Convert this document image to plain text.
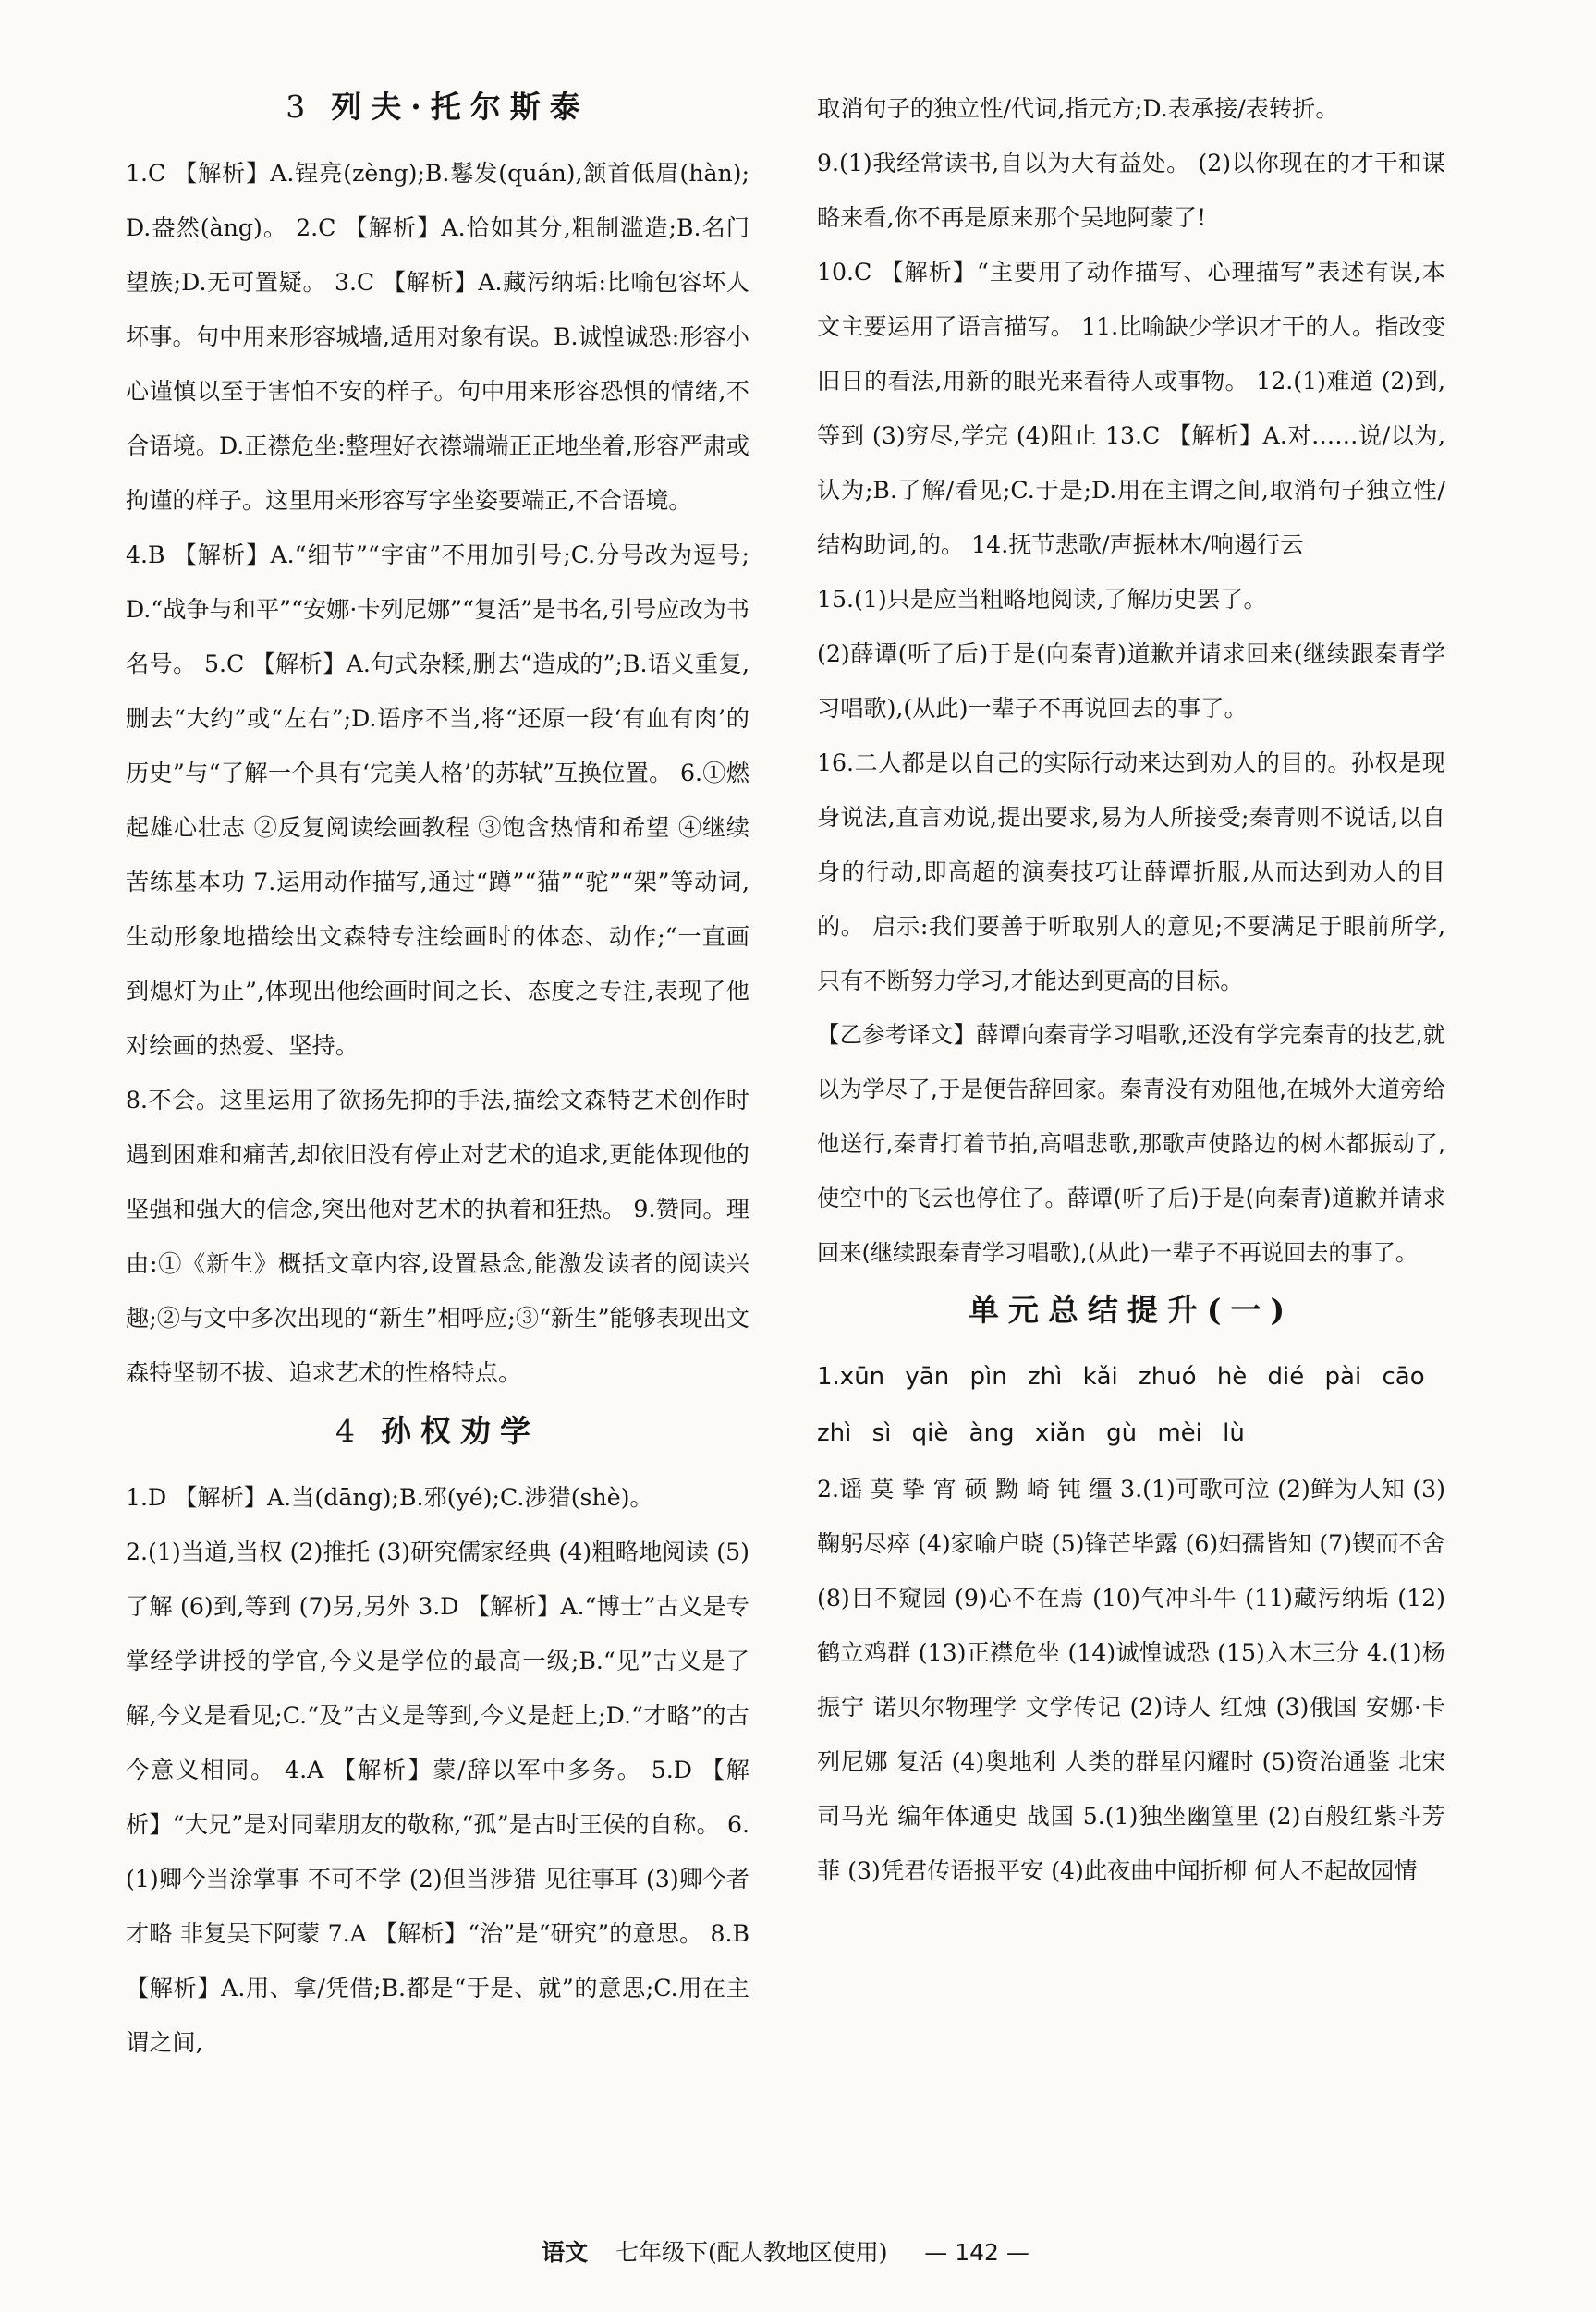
3 列夫·托尔斯泰

1.C 【解析】A.锃亮(zèng);B.鬈发(quán),颔首低眉(hàn);D.盎然(àng)。 2.C 【解析】A.恰如其分,粗制滥造;B.名门望族;D.无可置疑。 3.C 【解析】A.藏污纳垢:比喻包容坏人坏事。句中用来形容城墙,适用对象有误。B.诚惶诚恐:形容小心谨慎以至于害怕不安的样子。句中用来形容恐惧的情绪,不合语境。D.正襟危坐:整理好衣襟端端正正地坐着,形容严肃或拘谨的样子。这里用来形容写字坐姿要端正,不合语境。

4.B 【解析】A.“细节”“宇宙”不用加引号;C.分号改为逗号;D.“战争与和平”“安娜·卡列尼娜”“复活”是书名,引号应改为书名号。 5.C 【解析】A.句式杂糅,删去“造成的”;B.语义重复,删去“大约”或“左右”;D.语序不当,将“还原一段‘有血有肉’的历史”与“了解一个具有‘完美人格’的苏轼”互换位置。 6.①燃起雄心壮志 ②反复阅读绘画教程 ③饱含热情和希望 ④继续苦练基本功 7.运用动作描写,通过“蹲”“猫”“驼”“架”等动词,生动形象地描绘出文森特专注绘画时的体态、动作;“一直画到熄灯为止”,体现出他绘画时间之长、态度之专注,表现了他对绘画的热爱、坚持。

8.不会。这里运用了欲扬先抑的手法,描绘文森特艺术创作时遇到困难和痛苦,却依旧没有停止对艺术的追求,更能体现他的坚强和强大的信念,突出他对艺术的执着和狂热。 9.赞同。理由:①《新生》概括文章内容,设置悬念,能激发读者的阅读兴趣;②与文中多次出现的“新生”相呼应;③“新生”能够表现出文森特坚韧不拔、追求艺术的性格特点。

4 孙权劝学

1.D 【解析】A.当(dāng);B.邪(yé);C.涉猎(shè)。

2.(1)当道,当权 (2)推托 (3)研究儒家经典 (4)粗略地阅读 (5)了解 (6)到,等到 (7)另,另外 3.D 【解析】A.“博士”古义是专掌经学讲授的学官,今义是学位的最高一级;B.“见”古义是了解,今义是看见;C.“及”古义是等到,今义是赶上;D.“才略”的古今意义相同。 4.A 【解析】蒙/辞以军中多务。 5.D 【解析】“大兄”是对同辈朋友的敬称,“孤”是古时王侯的自称。 6.(1)卿今当涂掌事 不可不学 (2)但当涉猎 见往事耳 (3)卿今者才略 非复吴下阿蒙 7.A 【解析】“治”是“研究”的意思。 8.B 【解析】A.用、拿/凭借;B.都是“于是、就”的意思;C.用在主谓之间,

取消句子的独立性/代词,指元方;D.表承接/表转折。

9.(1)我经常读书,自以为大有益处。 (2)以你现在的才干和谋略来看,你不再是原来那个吴地阿蒙了!

10.C 【解析】“主要用了动作描写、心理描写”表述有误,本文主要运用了语言描写。 11.比喻缺少学识才干的人。指改变旧日的看法,用新的眼光来看待人或事物。 12.(1)难道 (2)到,等到 (3)穷尽,学完 (4)阻止 13.C 【解析】A.对……说/以为,认为;B.了解/看见;C.于是;D.用在主谓之间,取消句子独立性/结构助词,的。 14.抚节悲歌/声振林木/响遏行云

15.(1)只是应当粗略地阅读,了解历史罢了。

(2)薛谭(听了后)于是(向秦青)道歉并请求回来(继续跟秦青学习唱歌),(从此)一辈子不再说回去的事了。

16.二人都是以自己的实际行动来达到劝人的目的。孙权是现身说法,直言劝说,提出要求,易为人所接受;秦青则不说话,以自身的行动,即高超的演奏技巧让薛谭折服,从而达到劝人的目的。 启示:我们要善于听取别人的意见;不要满足于眼前所学,只有不断努力学习,才能达到更高的目标。

【乙参考译文】薛谭向秦青学习唱歌,还没有学完秦青的技艺,就以为学尽了,于是便告辞回家。秦青没有劝阻他,在城外大道旁给他送行,秦青打着节拍,高唱悲歌,那歌声使路边的树木都振动了,使空中的飞云也停住了。薛谭(听了后)于是(向秦青)道歉并请求回来(继续跟秦青学习唱歌),(从此)一辈子不再说回去的事了。

单元总结提升(一)

1.xūn yān pìn zhì kǎi zhuó hè dié pài cāo zhì sì qiè àng xiǎn gù mèi lù

2.谣 莫 挚 宵 硕 黝 崎 钝 缰 3.(1)可歌可泣 (2)鲜为人知 (3)鞠躬尽瘁 (4)家喻户晓 (5)锋芒毕露 (6)妇孺皆知 (7)锲而不舍 (8)目不窥园 (9)心不在焉 (10)气冲斗牛 (11)藏污纳垢 (12)鹤立鸡群 (13)正襟危坐 (14)诚惶诚恐 (15)入木三分 4.(1)杨振宁 诺贝尔物理学 文学传记 (2)诗人 红烛 (3)俄国 安娜·卡列尼娜 复活 (4)奥地利 人类的群星闪耀时 (5)资治通鉴 北宋 司马光 编年体通史 战国 5.(1)独坐幽篁里 (2)百般红紫斗芳菲 (3)凭君传语报平安 (4)此夜曲中闻折柳 何人不起故园情

语文 七年级下(配人教地区使用) — 142 —
